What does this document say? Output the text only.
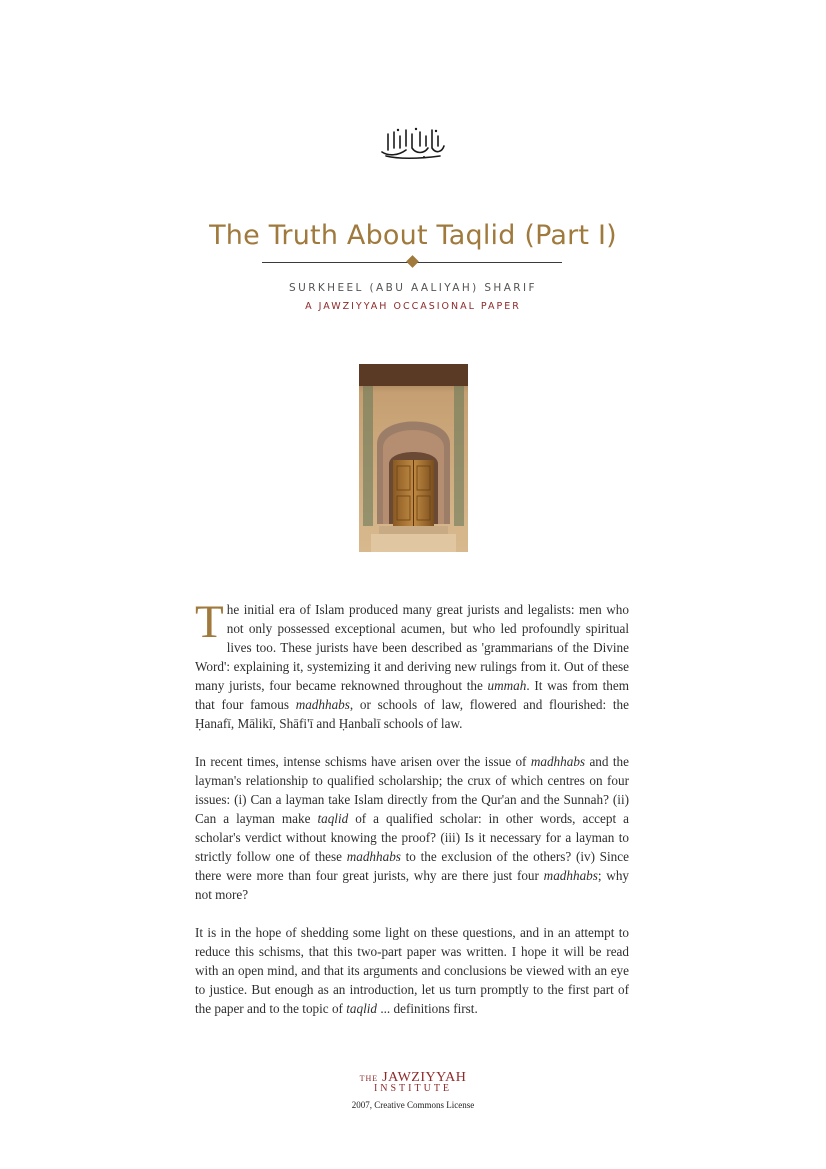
The Truth About Taqlid (Part I)
SURKHEEL (ABU AALIYAH) SHARIF
A JAWZIYYAH OCCASIONAL PAPER

The initial era of Islam produced many great jurists and legalists: men who not only possessed exceptional acumen, but who led profoundly spiritual lives too. These jurists have been described as 'grammarians of the Divine Word': explaining it, systemizing it and deriving new rulings from it. Out of these many jurists, four became reknowned throughout the ummah. It was from them that four famous madhhabs, or schools of law, flowered and flourished: the Ḥanafī, Mālikī, Shāfi'ī and Ḥanbalī schools of law.

In recent times, intense schisms have arisen over the issue of madhhabs and the layman's relationship to qualified scholarship; the crux of which centres on four issues: (i) Can a layman take Islam directly from the Qur'an and the Sunnah? (ii) Can a layman make taqlid of a qualified scholar: in other words, accept a scholar's verdict without knowing the proof? (iii) Is it necessary for a layman to strictly follow one of these madhhabs to the exclusion of the others? (iv) Since there were more than four great jurists, why are there just four madhhabs; why not more?

It is in the hope of shedding some light on these questions, and in an attempt to reduce this schisms, that this two-part paper was written. I hope it will be read with an open mind, and that its arguments and conclusions be viewed with an eye to justice. But enough as an introduction, let us turn promptly to the first part of the paper and to the topic of taqlid ... definitions first.

THE JAWZIYYAH
INSTITUTE
2007, Creative Commons License
